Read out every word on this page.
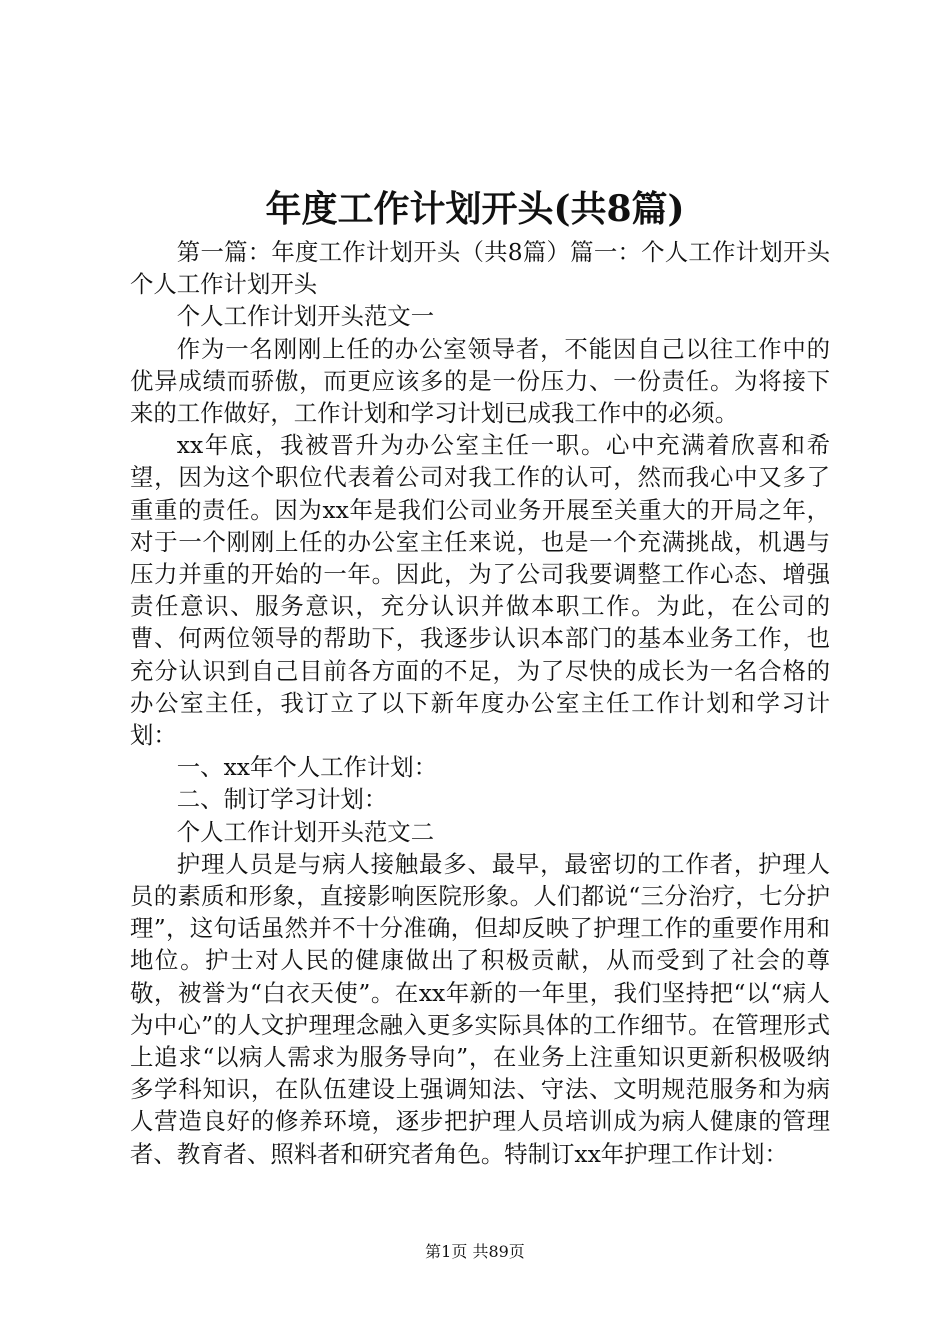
年度工作计划开头(共8篇)

第一篇：年度工作计划开头（共8篇）篇一：个人工作计划开头个人工作计划开头

个人工作计划开头范文一

作为一名刚刚上任的办公室领导者，不能因自己以往工作中的优异成绩而骄傲，而更应该多的是一份压力、一份责任。为将接下来的工作做好，工作计划和学习计划已成我工作中的必须。

xx年底，我被晋升为办公室主任一职。心中充满着欣喜和希望，因为这个职位代表着公司对我工作的认可，然而我心中又多了重重的责任。因为xx年是我们公司业务开展至关重大的开局之年，对于一个刚刚上任的办公室主任来说，也是一个充满挑战，机遇与压力并重的开始的一年。因此，为了公司我要调整工作心态、增强责任意识、服务意识，充分认识并做本职工作。为此，在公司的曹、何两位领导的帮助下，我逐步认识本部门的基本业务工作，也充分认识到自己目前各方面的不足，为了尽快的成长为一名合格的办公室主任，我订立了以下新年度办公室主任工作计划和学习计划：

一、xx年个人工作计划：

二、制订学习计划：

个人工作计划开头范文二

护理人员是与病人接触最多、最早，最密切的工作者，护理人员的素质和形象，直接影响医院形象。人们都说“三分治疗，七分护理”，这句话虽然并不十分准确，但却反映了护理工作的重要作用和地位。护士对人民的健康做出了积极贡献，从而受到了社会的尊敬，被誉为“白衣天使”。在xx年新的一年里，我们坚持把“以“病人为中心”的人文护理理念融入更多实际具体的工作细节。在管理形式上追求“以病人需求为服务导向”，在业务上注重知识更新积极吸纳多学科知识，在队伍建设上强调知法、守法、文明规范服务和为病人营造良好的修养环境，逐步把护理人员培训成为病人健康的管理者、教育者、照料者和研究者角色。特制订xx年护理工作计划：

第1页 共89页
